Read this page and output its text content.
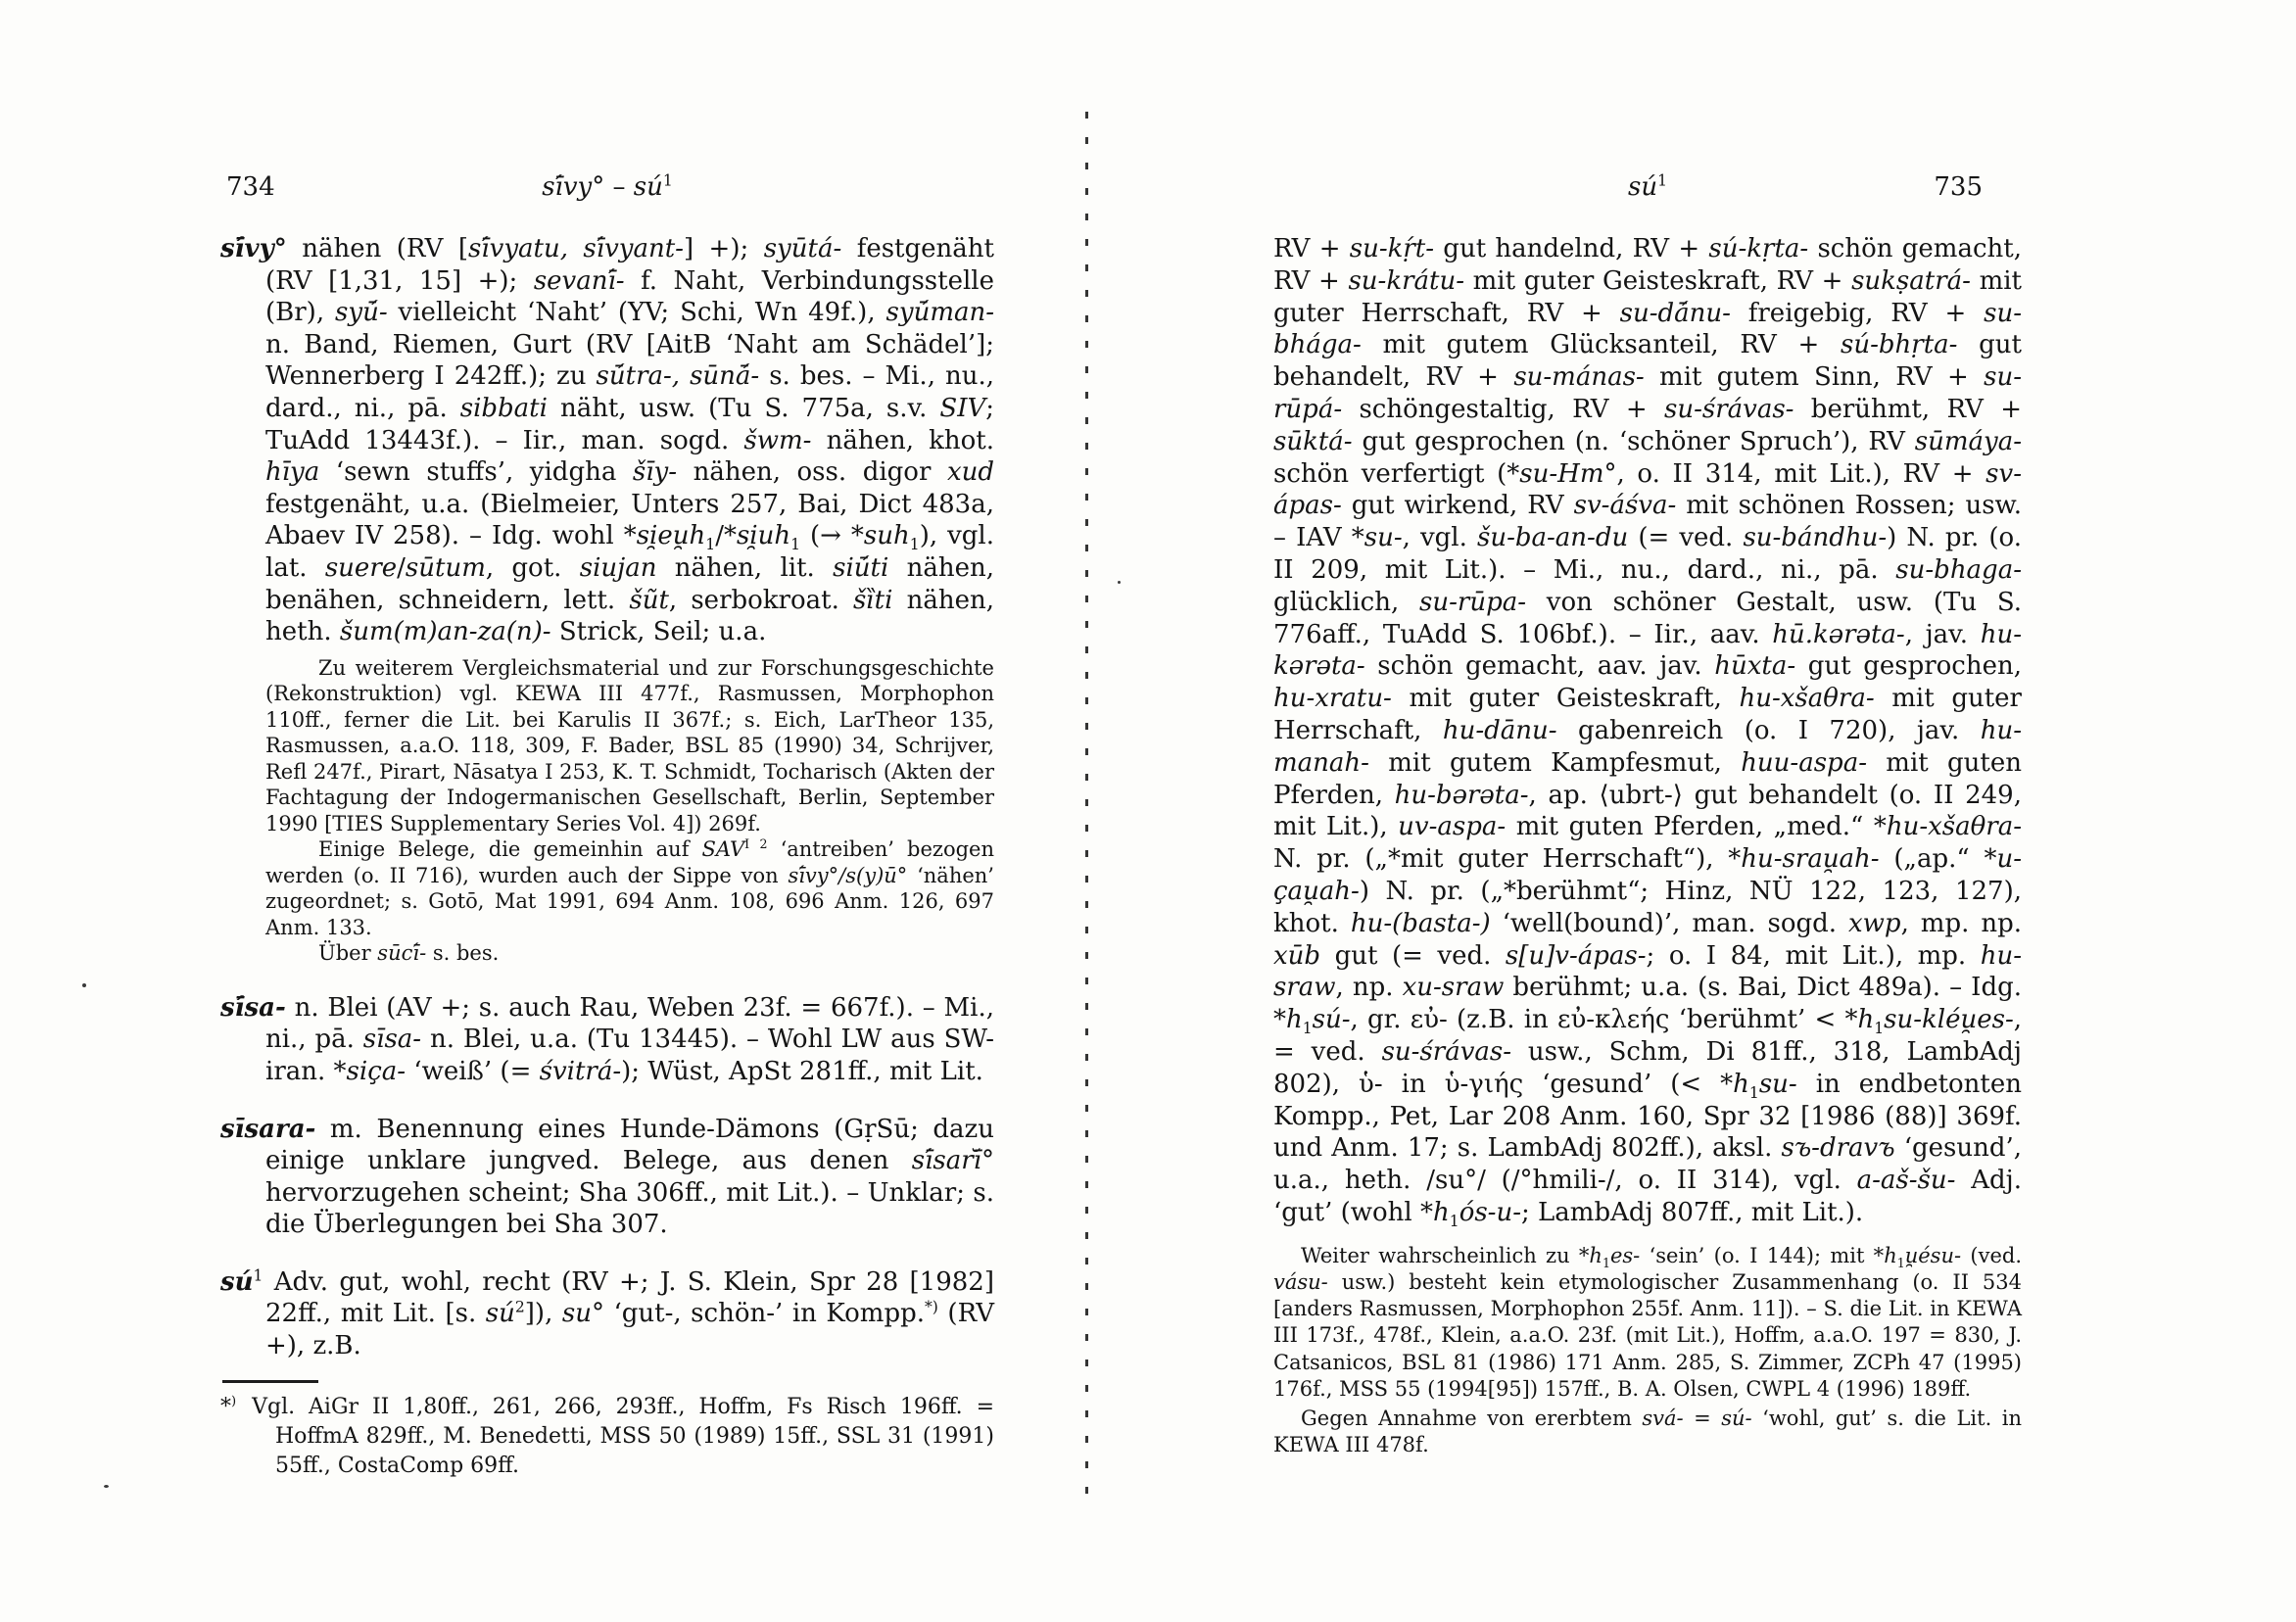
734	sī́vy° – $sú^1$

sī́vy° nähen (RV [sī́vyatu, sī́vyant-] +); syūtá- festgenäht (RV [1,31, 15] +); sevanī́- f. Naht, Verbindungsstelle (Br), syū́- vielleicht ‘Naht’ (YV; Schi, Wn 49f.), syū́man- n. Band, Riemen, Gurt (RV [AitB ‘Naht am Schädel’]; Wennerberg I 242ff.); zu sū́tra-, sūnā́- s. bes. – Mi., nu., dard., ni., pā. sibbati näht, usw. (Tu S. 775a, s.v. SIV; TuAdd 13443f.). – Iir., man. sogd. šwm- nähen, khot. hīya ‘sewn stuffs’, yidgha šīy- nähen, oss. digor xud festgenäht, u.a. (Bielmeier, Unters 257, Bai, Dict 483a, Abaev IV 258). – Idg. wohl $*si̯eu̯h_1/*si̯uh_1$ (→ *suh$_1$), vgl. lat. suere/sūtum, got. siujan nähen, lit. siū́ti nähen, benähen, schneidern, lett. šũt, serbokroat. šȉti nähen, heth. šum(m)an-za(n)- Strick, Seil; u.a.

Zu weiterem Vergleichsmaterial und zur Forschungsgeschichte (Rekonstruktion) vgl. KEWA III 477f., Rasmussen, Morphophon 110ff., ferner die Lit. bei Karulis II 367f.; s. Eich, LarTheor 135, Rasmussen, a.a.O. 118, 309, F. Bader, BSL 85 (1990) 34, Schrijver, Refl 247f., Pirart, Nāsatya I 253, K. T. Schmidt, Tocharisch (Akten der Fachtagung der Indogermanischen Gesellschaft, Berlin, September 1990 [TIES Supplementary Series Vol. 4]) 269f.

Einige Belege, die gemeinhin auf $SAV^{I 2}$ ‘antreiben’ bezogen werden (o. II 716), wurden auch der Sippe von sī́vy°/s(y)ū° ‘nähen’ zugeordnet; s. Gotō, Mat 1991, 694 Anm. 108, 696 Anm. 126, 697 Anm. 133.

Über sūcī́- s. bes.

sī́sa- n. Blei (AV +; s. auch Rau, Weben 23f. = 667f.). – Mi., ni., pā. sīsa- n. Blei, u.a. (Tu 13445). – Wohl LW aus SW-iran. *siça- ‘weiß’ (= śvitrá-); Wüst, ApSt 281ff., mit Lit.

sīsara- m. Benennung eines Hunde-Dämons (GṛSū; dazu einige unklare jungved. Belege, aus denen sī́sarī̆° hervorzugehen scheint; Sha 306ff., mit Lit.). – Unklar; s. die Überlegungen bei Sha 307.

$sú^1$ Adv. gut, wohl, recht (RV +; J. S. Klein, Spr 28 [1982] 22ff., mit Lit. [s. $sú^2$]), su° ‘gut-, schön-’ in Kompp.*) (RV +), z.B.

*) Vgl. AiGr II 1,80ff., 261, 266, 293ff., Hoffm, Fs Risch 196ff. = HoffmA 829ff., M. Benedetti, MSS 50 (1989) 15ff., SSL 31 (1991) 55ff., CostaComp 69ff.

$sú^1$	735

RV + su-kṛ́t- gut handelnd, RV + sú-kṛta- schön gemacht, RV + su-krátu- mit guter Geisteskraft, RV + sukṣatrá- mit guter Herrschaft, RV + su-dā́nu- freigebig, RV + su-bhága- mit gutem Glücksanteil, RV + sú-bhṛta- gut behandelt, RV + su-mánas- mit gutem Sinn, RV + su-rūpá- schöngestaltig, RV + su-śrávas- berühmt, RV + sūktá- gut gesprochen (n. ‘schöner Spruch’), RV sūmáya- schön verfertigt (*su-Hm°, o. II 314, mit Lit.), RV + sv-ápas- gut wirkend, RV sv-áśva- mit schönen Rossen; usw. – IAV *su-, vgl. šu-ba-an-du (= ved. su-bándhu-) N. pr. (o. II 209, mit Lit.). – Mi., nu., dard., ni., pā. su-bhaga- glücklich, su-rūpa- von schöner Gestalt, usw. (Tu S. 776aff., TuAdd S. 106bf.). – Iir., aav. hū.kərəta-, jav. hu-kərəta- schön gemacht, aav. jav. hūxta- gut gesprochen, hu-xratu- mit guter Geisteskraft, hu-xšaθra- mit guter Herrschaft, hu-dānu- gabenreich (o. I 720), jav. hu-manah- mit gutem Kampfesmut, huu-aspa- mit guten Pferden, hu-bərəta-, ap. ⟨ubrt-⟩ gut behandelt (o. II 249, mit Lit.), uv-aspa- mit guten Pferden, „med.“ *hu-xšaθra- N. pr. („*mit guter Herrschaft“), *hu-srau̯ah- („ap.“ *u-çau̯ah-) N. pr. („*berühmt“; Hinz, NÜ 122, 123, 127), khot. hu-(basta-) ‘well(bound)’, man. sogd. xwp, mp. np. xūb gut (= ved. s[u]v-ápas-; o. I 84, mit Lit.), mp. hu-sraw, np. xu-sraw berühmt; u.a. (s. Bai, Dict 489a). – Idg. $*h_1sú-$, gr. εὐ- (z.B. in εὐ-κλεής ‘berühmt’ < $*h_1su-kléu̯es-$, = ved. su-śrávas- usw., Schm, Di 81ff., 318, LambAdj 802), ὑ- in ὑ-γιής ‘gesund’ (< $*h_1su-$ in endbetonten Kompp., Pet, Lar 208 Anm. 160, Spr 32 [1986 (88)] 369f. und Anm. 17; s. LambAdj 802ff.), aksl. sъ-dravъ ‘gesund’, u.a., heth. /su°/ (/°hmili-/, o. II 314), vgl. a-aš-šu- Adj. ‘gut’ (wohl $*h_1ós-u-$; LambAdj 807ff., mit Lit.).

Weiter wahrscheinlich zu $*h_1es-$ ‘sein’ (o. I 144); mit $*h_1u̯ésu-$ (ved. vásu- usw.) besteht kein etymologischer Zusammenhang (o. II 534 [anders Rasmussen, Morphophon 255f. Anm. 11]). – S. die Lit. in KEWA III 173f., 478f., Klein, a.a.O. 23f. (mit Lit.), Hoffm, a.a.O. 197 = 830, J. Catsanicos, BSL 81 (1986) 171 Anm. 285, S. Zimmer, ZCPh 47 (1995) 176f., MSS 55 (1994[95]) 157ff., B. A. Olsen, CWPL 4 (1996) 189ff.

Gegen Annahme von ererbtem svá- = sú- ‘wohl, gut’ s. die Lit. in KEWA III 478f.
